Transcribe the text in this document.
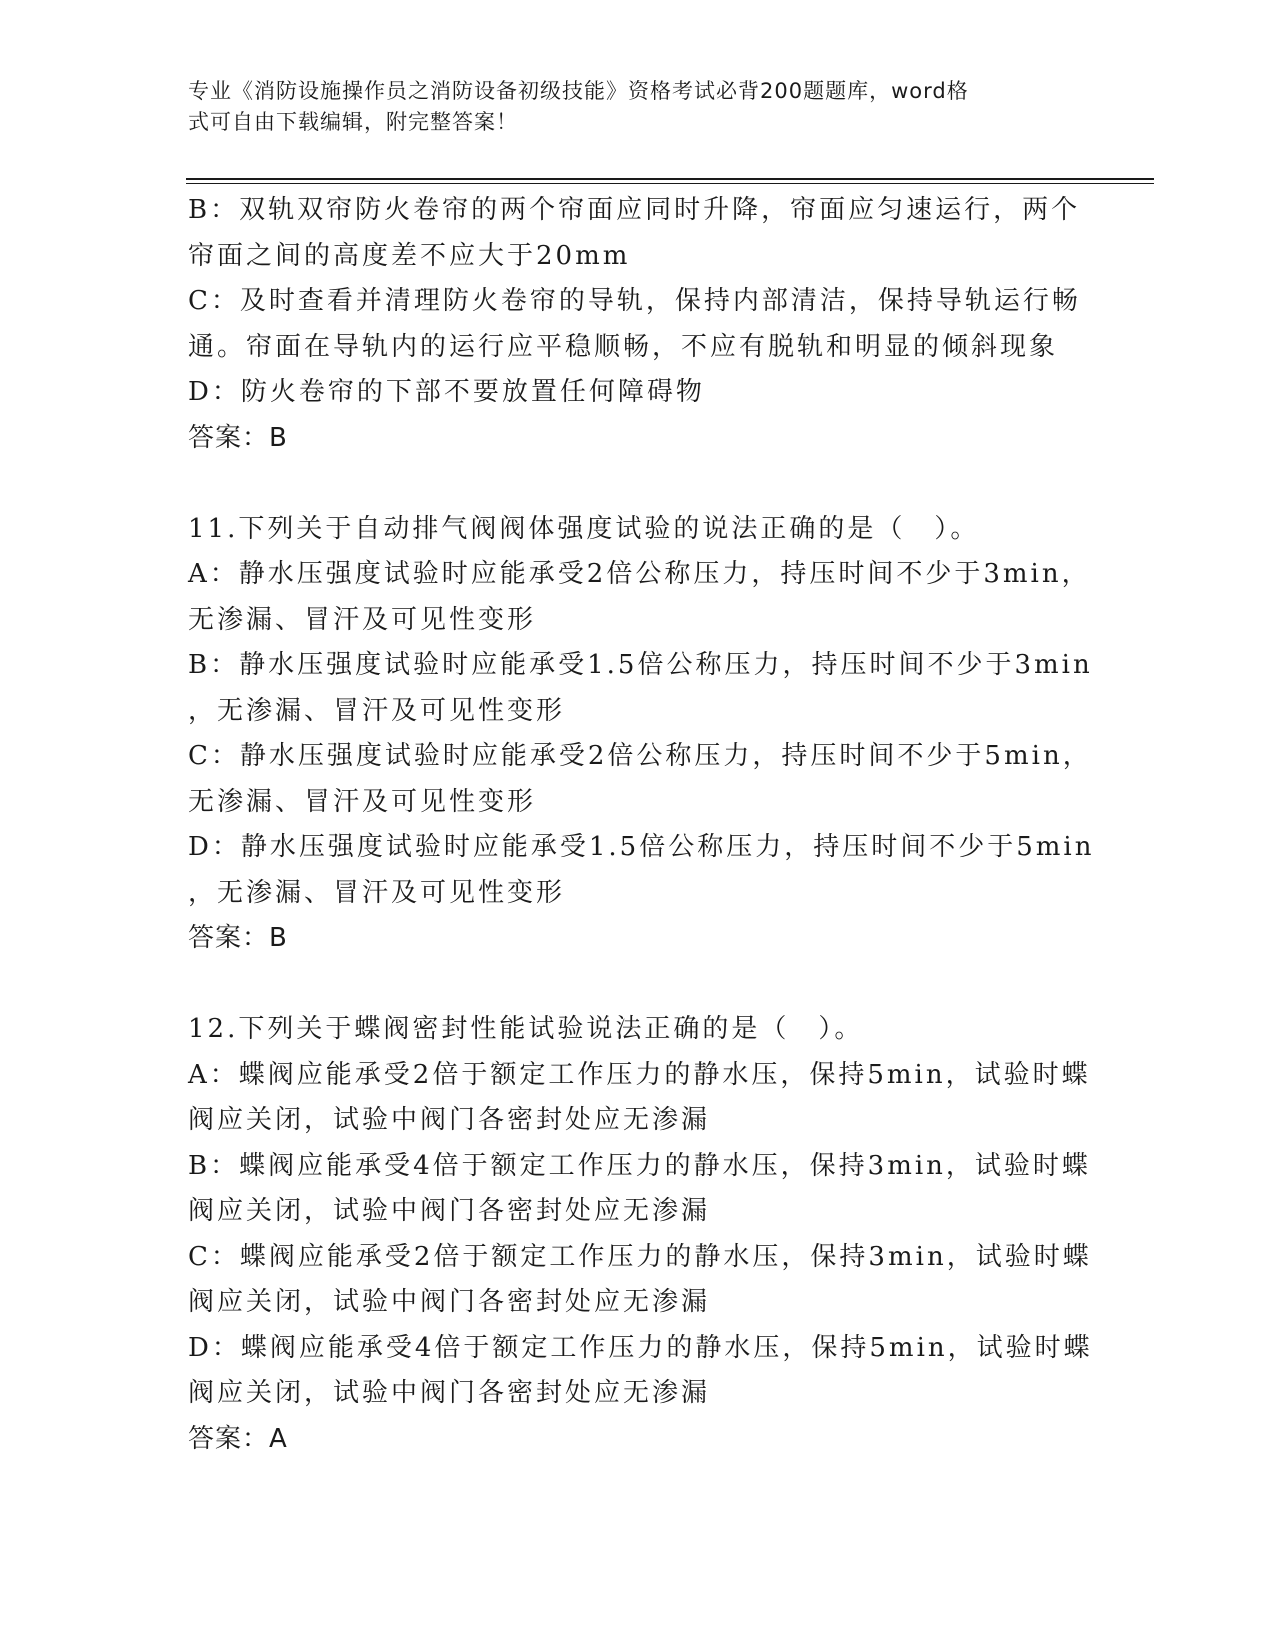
专业《消防设施操作员之消防设备初级技能》资格考试必背200题题库，word格
式可自由下载编辑，附完整答案！
B：双轨双帘防火卷帘的两个帘面应同时升降，帘面应匀速运行，两个
帘面之间的高度差不应大于20mm
C：及时查看并清理防火卷帘的导轨，保持内部清洁，保持导轨运行畅
通。帘面在导轨内的运行应平稳顺畅，不应有脱轨和明显的倾斜现象
D：防火卷帘的下部不要放置任何障碍物
答案：B
11.下列关于自动排气阀阀体强度试验的说法正确的是（　）。
A：静水压强度试验时应能承受2倍公称压力，持压时间不少于3min，
无渗漏、冒汗及可见性变形
B：静水压强度试验时应能承受1.5倍公称压力，持压时间不少于3min
，无渗漏、冒汗及可见性变形
C：静水压强度试验时应能承受2倍公称压力，持压时间不少于5min，
无渗漏、冒汗及可见性变形
D：静水压强度试验时应能承受1.5倍公称压力，持压时间不少于5min
，无渗漏、冒汗及可见性变形
答案：B
12.下列关于蝶阀密封性能试验说法正确的是（　）。
A：蝶阀应能承受2倍于额定工作压力的静水压，保持5min，试验时蝶
阀应关闭，试验中阀门各密封处应无渗漏
B：蝶阀应能承受4倍于额定工作压力的静水压，保持3min，试验时蝶
阀应关闭，试验中阀门各密封处应无渗漏
C：蝶阀应能承受2倍于额定工作压力的静水压，保持3min，试验时蝶
阀应关闭，试验中阀门各密封处应无渗漏
D：蝶阀应能承受4倍于额定工作压力的静水压，保持5min，试验时蝶
阀应关闭，试验中阀门各密封处应无渗漏
答案：A
